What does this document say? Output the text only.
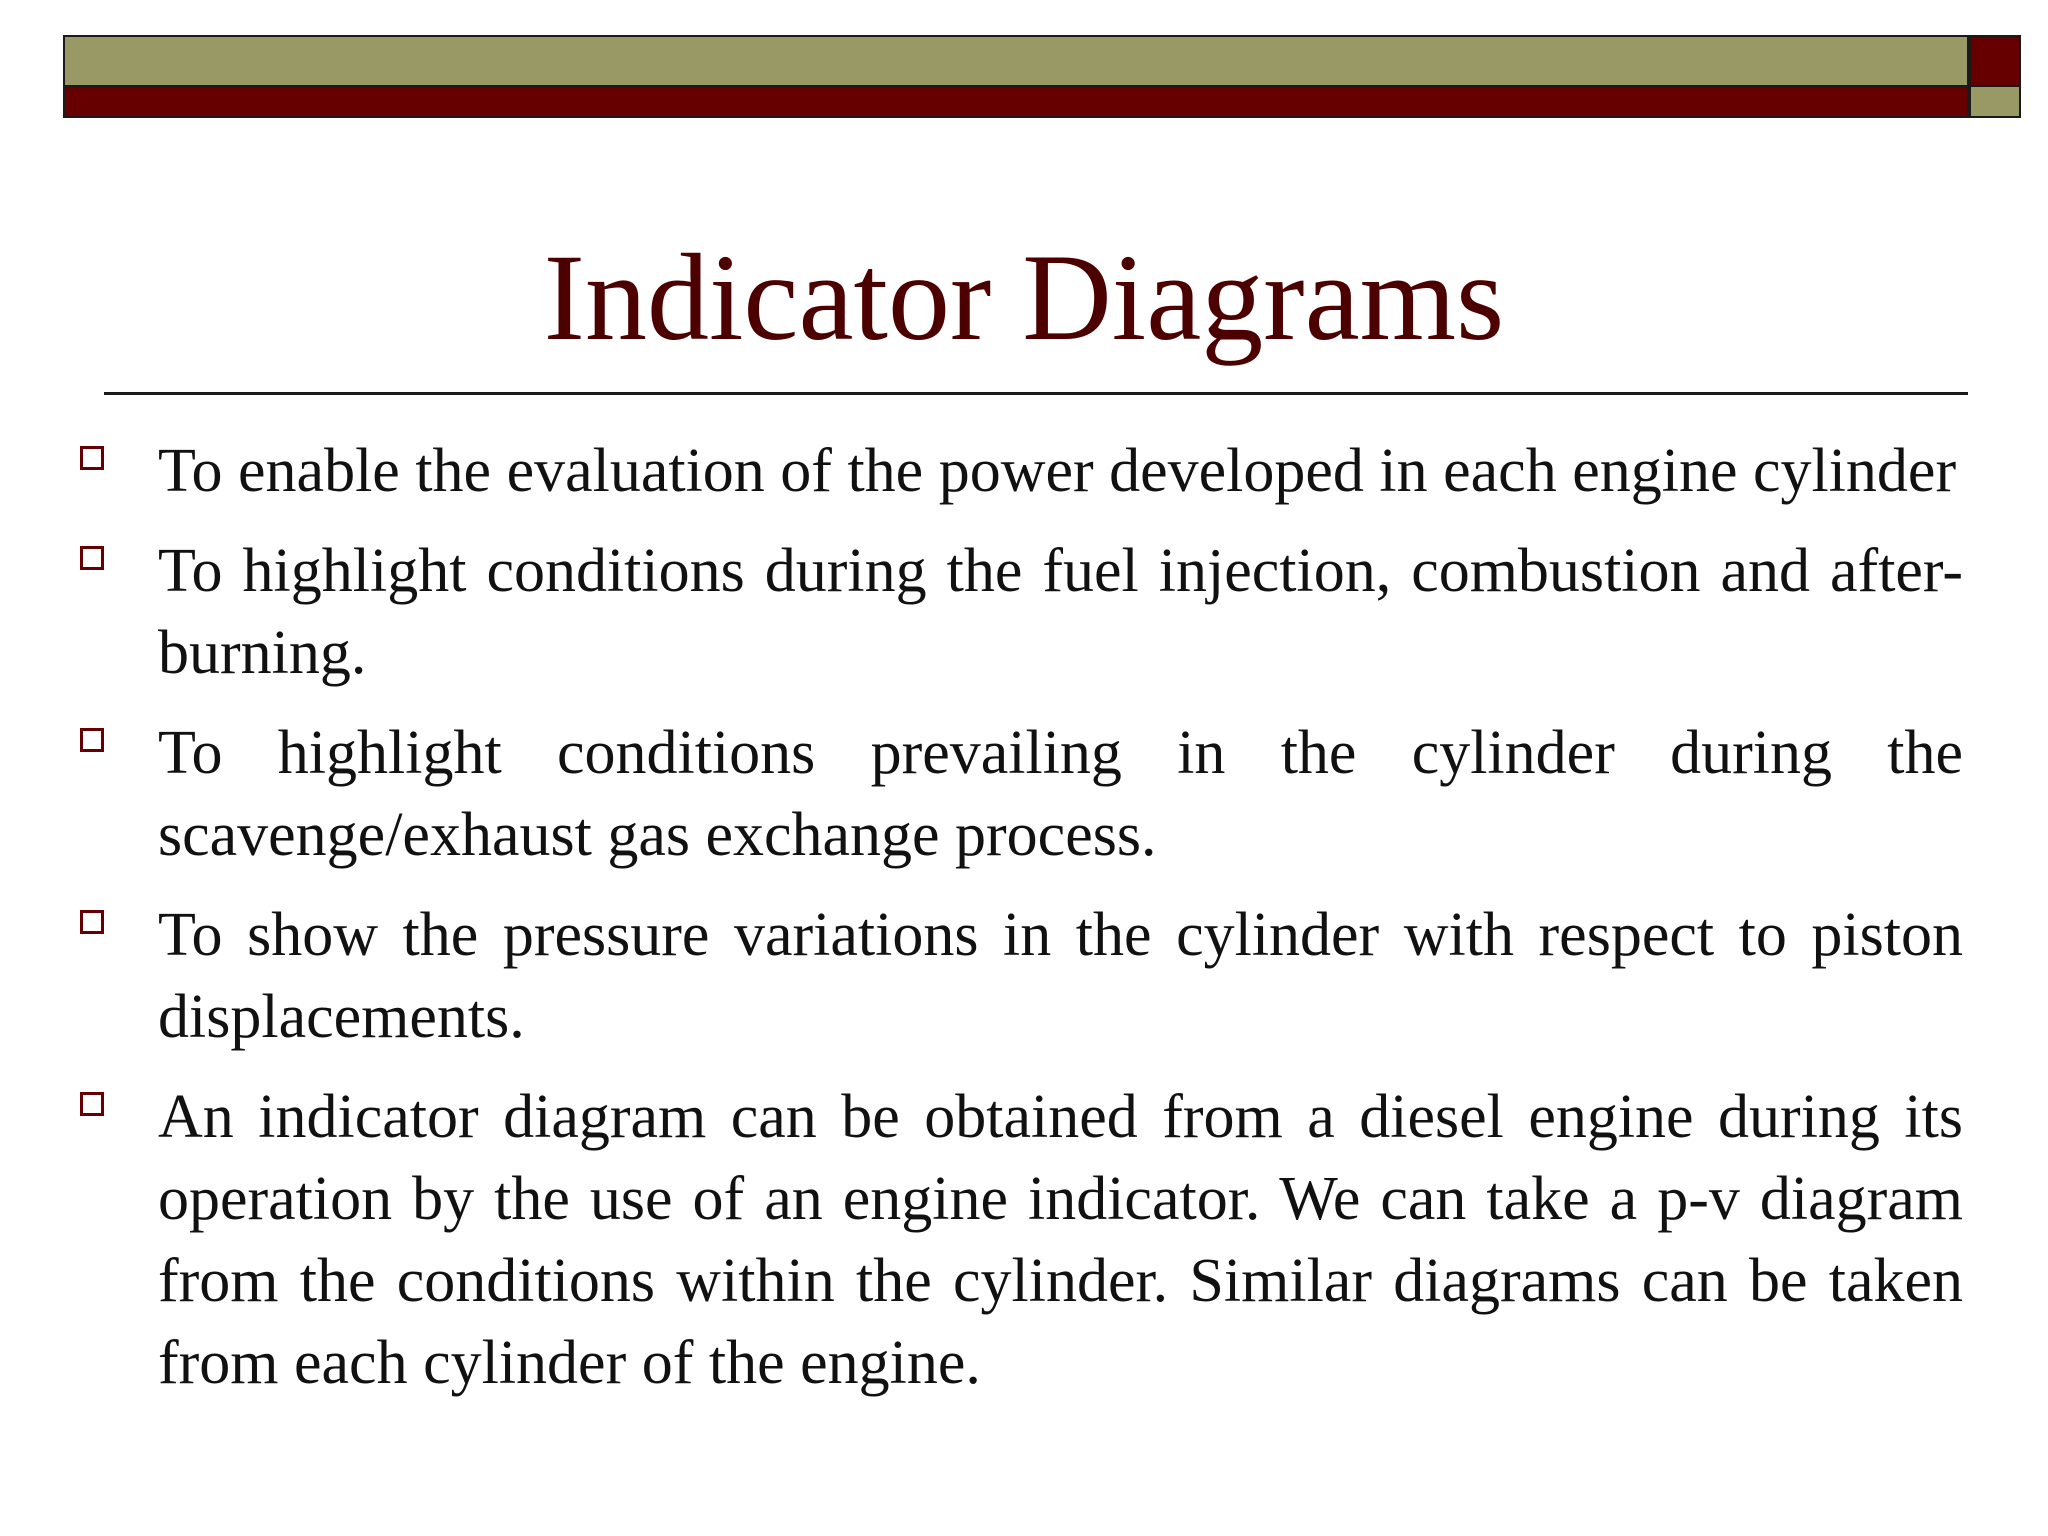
Indicator Diagrams
To enable the evaluation of the power developed in each engine cylinder
To highlight conditions during the fuel injection, combustion and after-burning.
To highlight conditions prevailing in the cylinder during the scavenge/exhaust gas exchange process.
To show the pressure variations in the cylinder with respect to piston displacements.
An indicator diagram can be obtained from a diesel engine during its operation by the use of an engine indicator. We can take a p-v diagram from the conditions within the cylinder. Similar diagrams can be taken from each cylinder of the engine.
